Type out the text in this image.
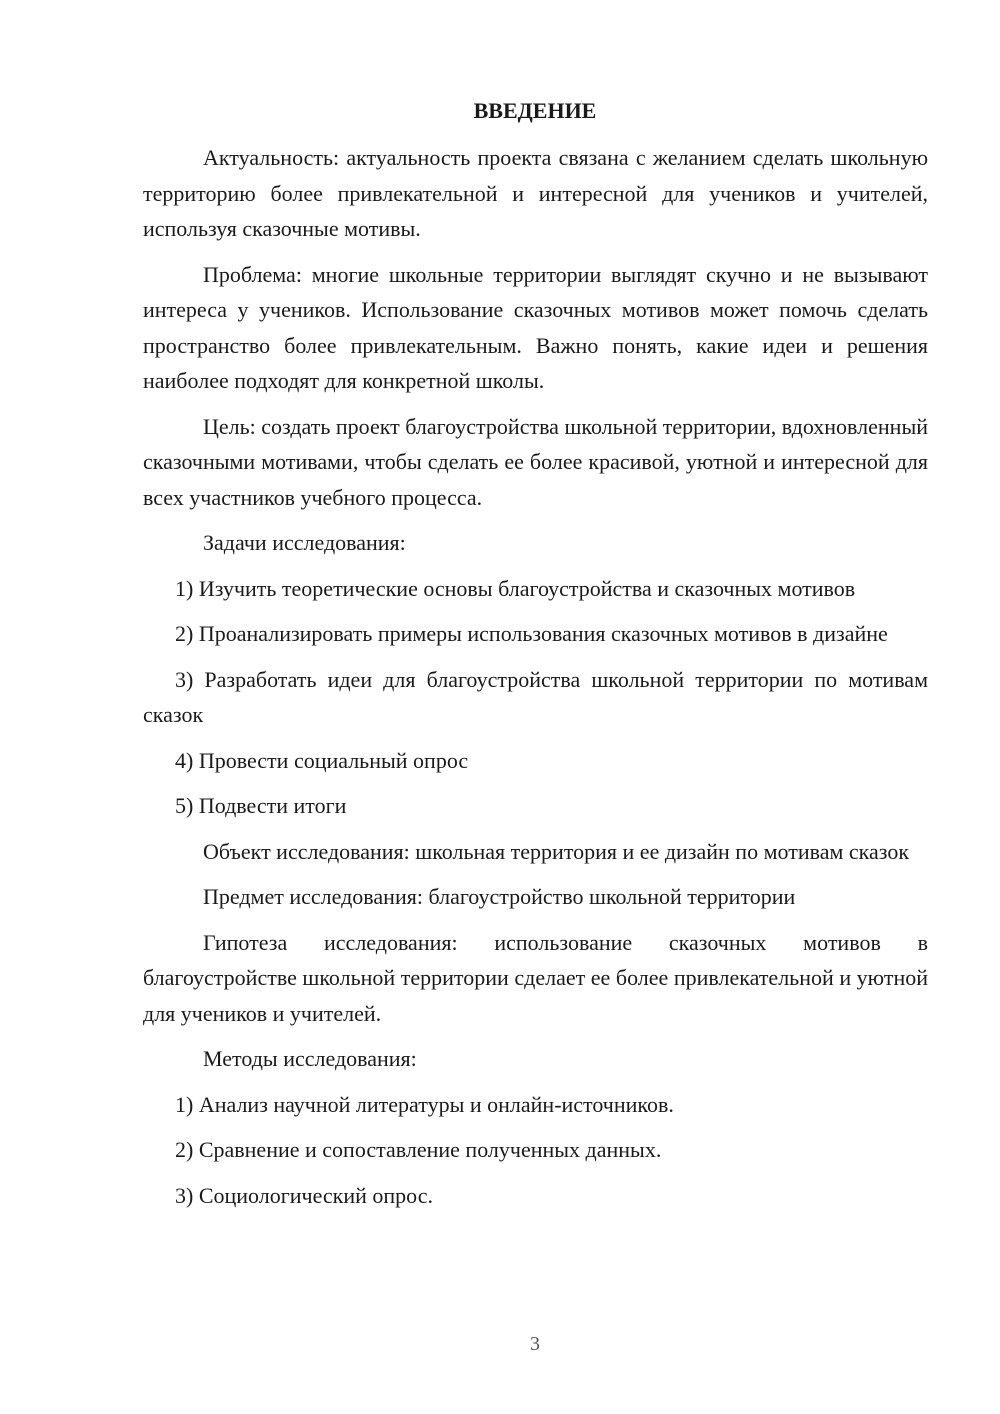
ВВЕДЕНИЕ

Актуальность: актуальность проекта связана с желанием сделать школьную территорию более привлекательной и интересной для учеников и учителей, используя сказочные мотивы.

Проблема: многие школьные территории выглядят скучно и не вызывают интереса у учеников. Использование сказочных мотивов может помочь сделать пространство более привлекательным. Важно понять, какие идеи и решения наиболее подходят для конкретной школы.

Цель: создать проект благоустройства школьной территории, вдохновленный сказочными мотивами, чтобы сделать ее более красивой, уютной и интересной для всех участников учебного процесса.

Задачи исследования:

1) Изучить теоретические основы благоустройства и сказочных мотивов

2) Проанализировать примеры использования сказочных мотивов в дизайне

3) Разработать идеи для благоустройства школьной территории по мотивам сказок

4) Провести социальный опрос

5) Подвести итоги

Объект исследования: школьная территория и ее дизайн по мотивам сказок

Предмет исследования: благоустройство школьной территории

Гипотеза исследования: использование сказочных мотивов в благоустройстве школьной территории сделает ее более привлекательной и уютной для учеников и учителей.

Методы исследования:

1) Анализ научной литературы и онлайн-источников.

2) Сравнение и сопоставление полученных данных.

3) Социологический опрос.

3
